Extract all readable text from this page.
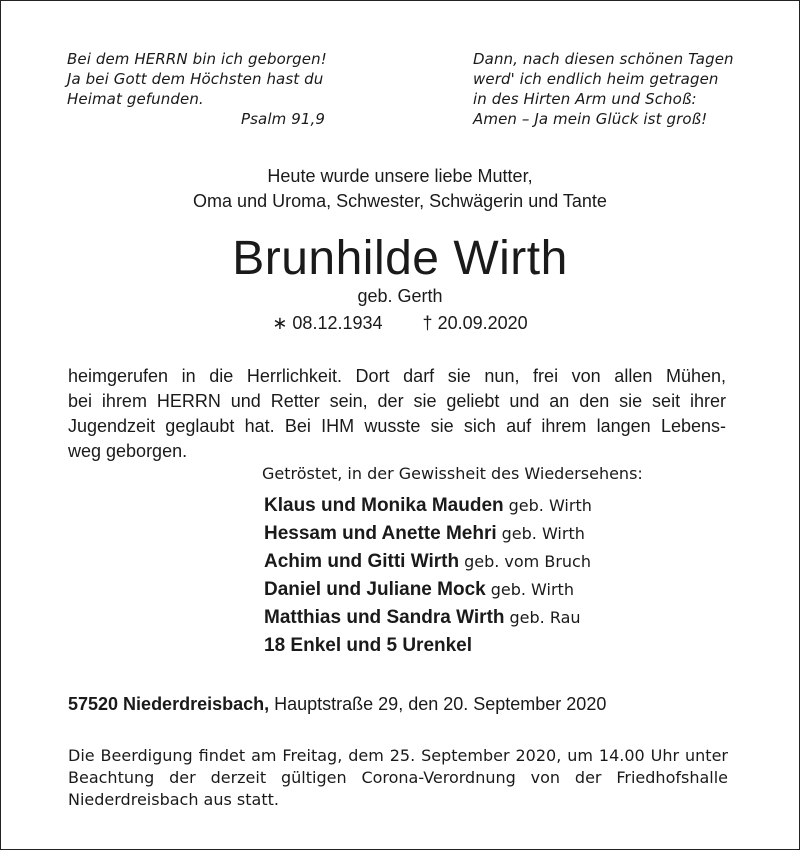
Bei dem HERRN bin ich geborgen!
Ja bei Gott dem Höchsten hast du
Heimat gefunden.
Psalm 91,9
Dann, nach diesen schönen Tagen
werd' ich endlich heim getragen
in des Hirten Arm und Schoß:
Amen – Ja mein Glück ist groß!
Heute wurde unsere liebe Mutter,
Oma und Uroma, Schwester, Schwägerin und Tante
Brunhilde Wirth
geb. Gerth
∗ 08.12.1934 † 20.09.2020
heimgerufen in die Herrlichkeit. Dort darf sie nun, frei von allen Mühen,
bei ihrem HERRN und Retter sein, der sie geliebt und an den sie seit ihrer
Jugendzeit geglaubt hat. Bei IHM wusste sie sich auf ihrem langen Lebens-
weg geborgen.
Getröstet, in der Gewissheit des Wiedersehens:
Klaus und Monika Mauden geb. Wirth
Hessam und Anette Mehri geb. Wirth
Achim und Gitti Wirth geb. vom Bruch
Daniel und Juliane Mock geb. Wirth
Matthias und Sandra Wirth geb. Rau
18 Enkel und 5 Urenkel
57520 Niederdreisbach, Hauptstraße 29, den 20. September 2020
Die Beerdigung findet am Freitag, dem 25. September 2020, um 14.00 Uhr unter
Beachtung der derzeit gültigen Corona-Verordnung von der Friedhofshalle
Niederdreisbach aus statt.
